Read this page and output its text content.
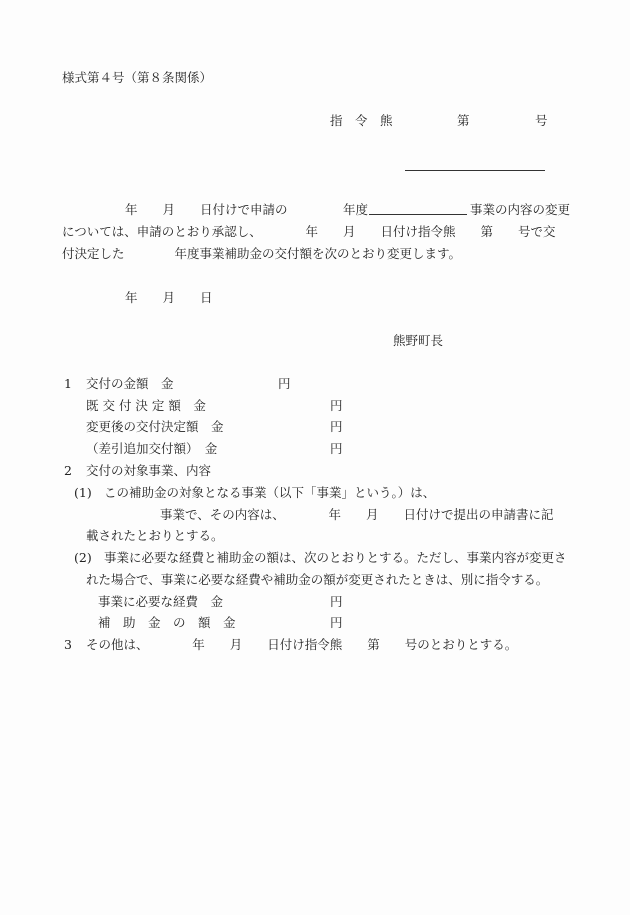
様式第４号（第８条関係）
指　令　熊	第	号
年　　月　　日付けで申請の	年度	事業の内容の変更
については、申請のとおり承認し、　　　　年　　月　　日付け指令熊　　第　　号で交
付決定した　　　　年度事業補助金の交付額を次のとおり変更します。
年　　月　　日
熊野町長
1 交付の金額　金	円
既 交 付 決 定 額　金	円
変更後の交付決定額　金	円
（差引追加交付額）　金	円
2 交付の対象事業、内容
(1) この補助金の対象となる事業（以下「事業」という。）は、
事業で、その内容は、　　　　年　　月　　日付けで提出の申請書に記
載されたとおりとする。
(2) 事業に必要な経費と補助金の額は、次のとおりとする。ただし、事業内容が変更さ
れた場合で、事業に必要な経費や補助金の額が変更されたときは、別に指令する。
事業に必要な経費　金	円
補　助　金　の　額　金	円
3 その他は、　　　　年　　月　　日付け指令熊　　第　　号のとおりとする。
